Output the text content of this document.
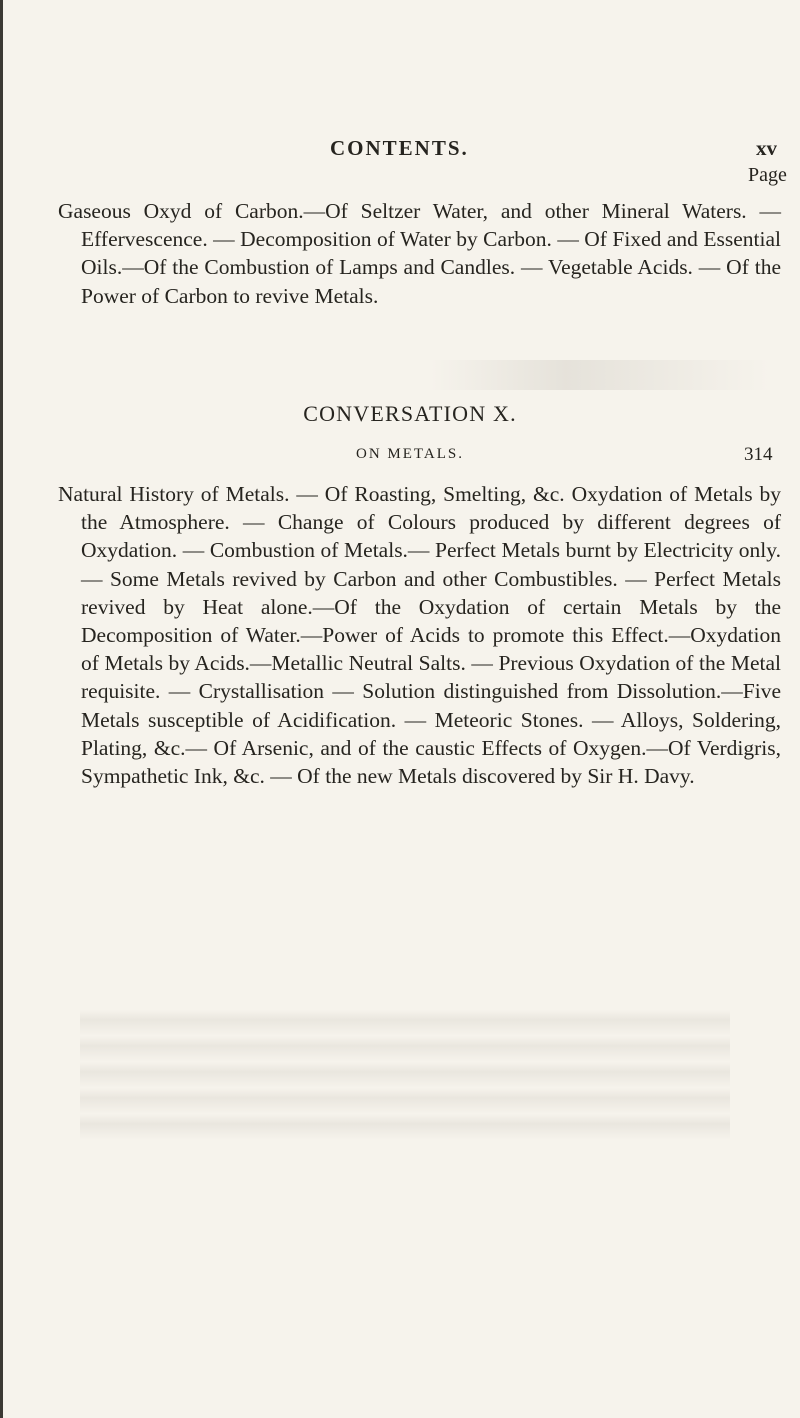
CONTENTS.	xv
Page

Gaseous Oxyd of Carbon.—Of Seltzer Water, and other Mineral Waters. — Effervescence. — Decomposition of Water by Carbon. — Of Fixed and Essential Oils.—Of the Combustion of Lamps and Candles. — Vegetable Acids. — Of the Power of Carbon to revive Metals.

CONVERSATION X.
ON METALS.	314

Natural History of Metals. — Of Roasting, Smelting, &c. Oxydation of Metals by the Atmosphere. — Change of Colours produced by different degrees of Oxydation. — Combustion of Metals.— Perfect Metals burnt by Electricity only.— Some Metals revived by Carbon and other Combustibles. — Perfect Metals revived by Heat alone.—Of the Oxydation of certain Metals by the Decomposition of Water.—Power of Acids to promote this Effect.—Oxydation of Metals by Acids.—Metallic Neutral Salts. — Previous Oxydation of the Metal requisite. — Crystallisation — Solution distinguished from Dissolution.—Five Metals susceptible of Acidification. — Meteoric Stones. — Alloys, Soldering, Plating, &c.— Of Arsenic, and of the caustic Effects of Oxygen.—Of Verdigris, Sympathetic Ink, &c. — Of the new Metals discovered by Sir H. Davy.
